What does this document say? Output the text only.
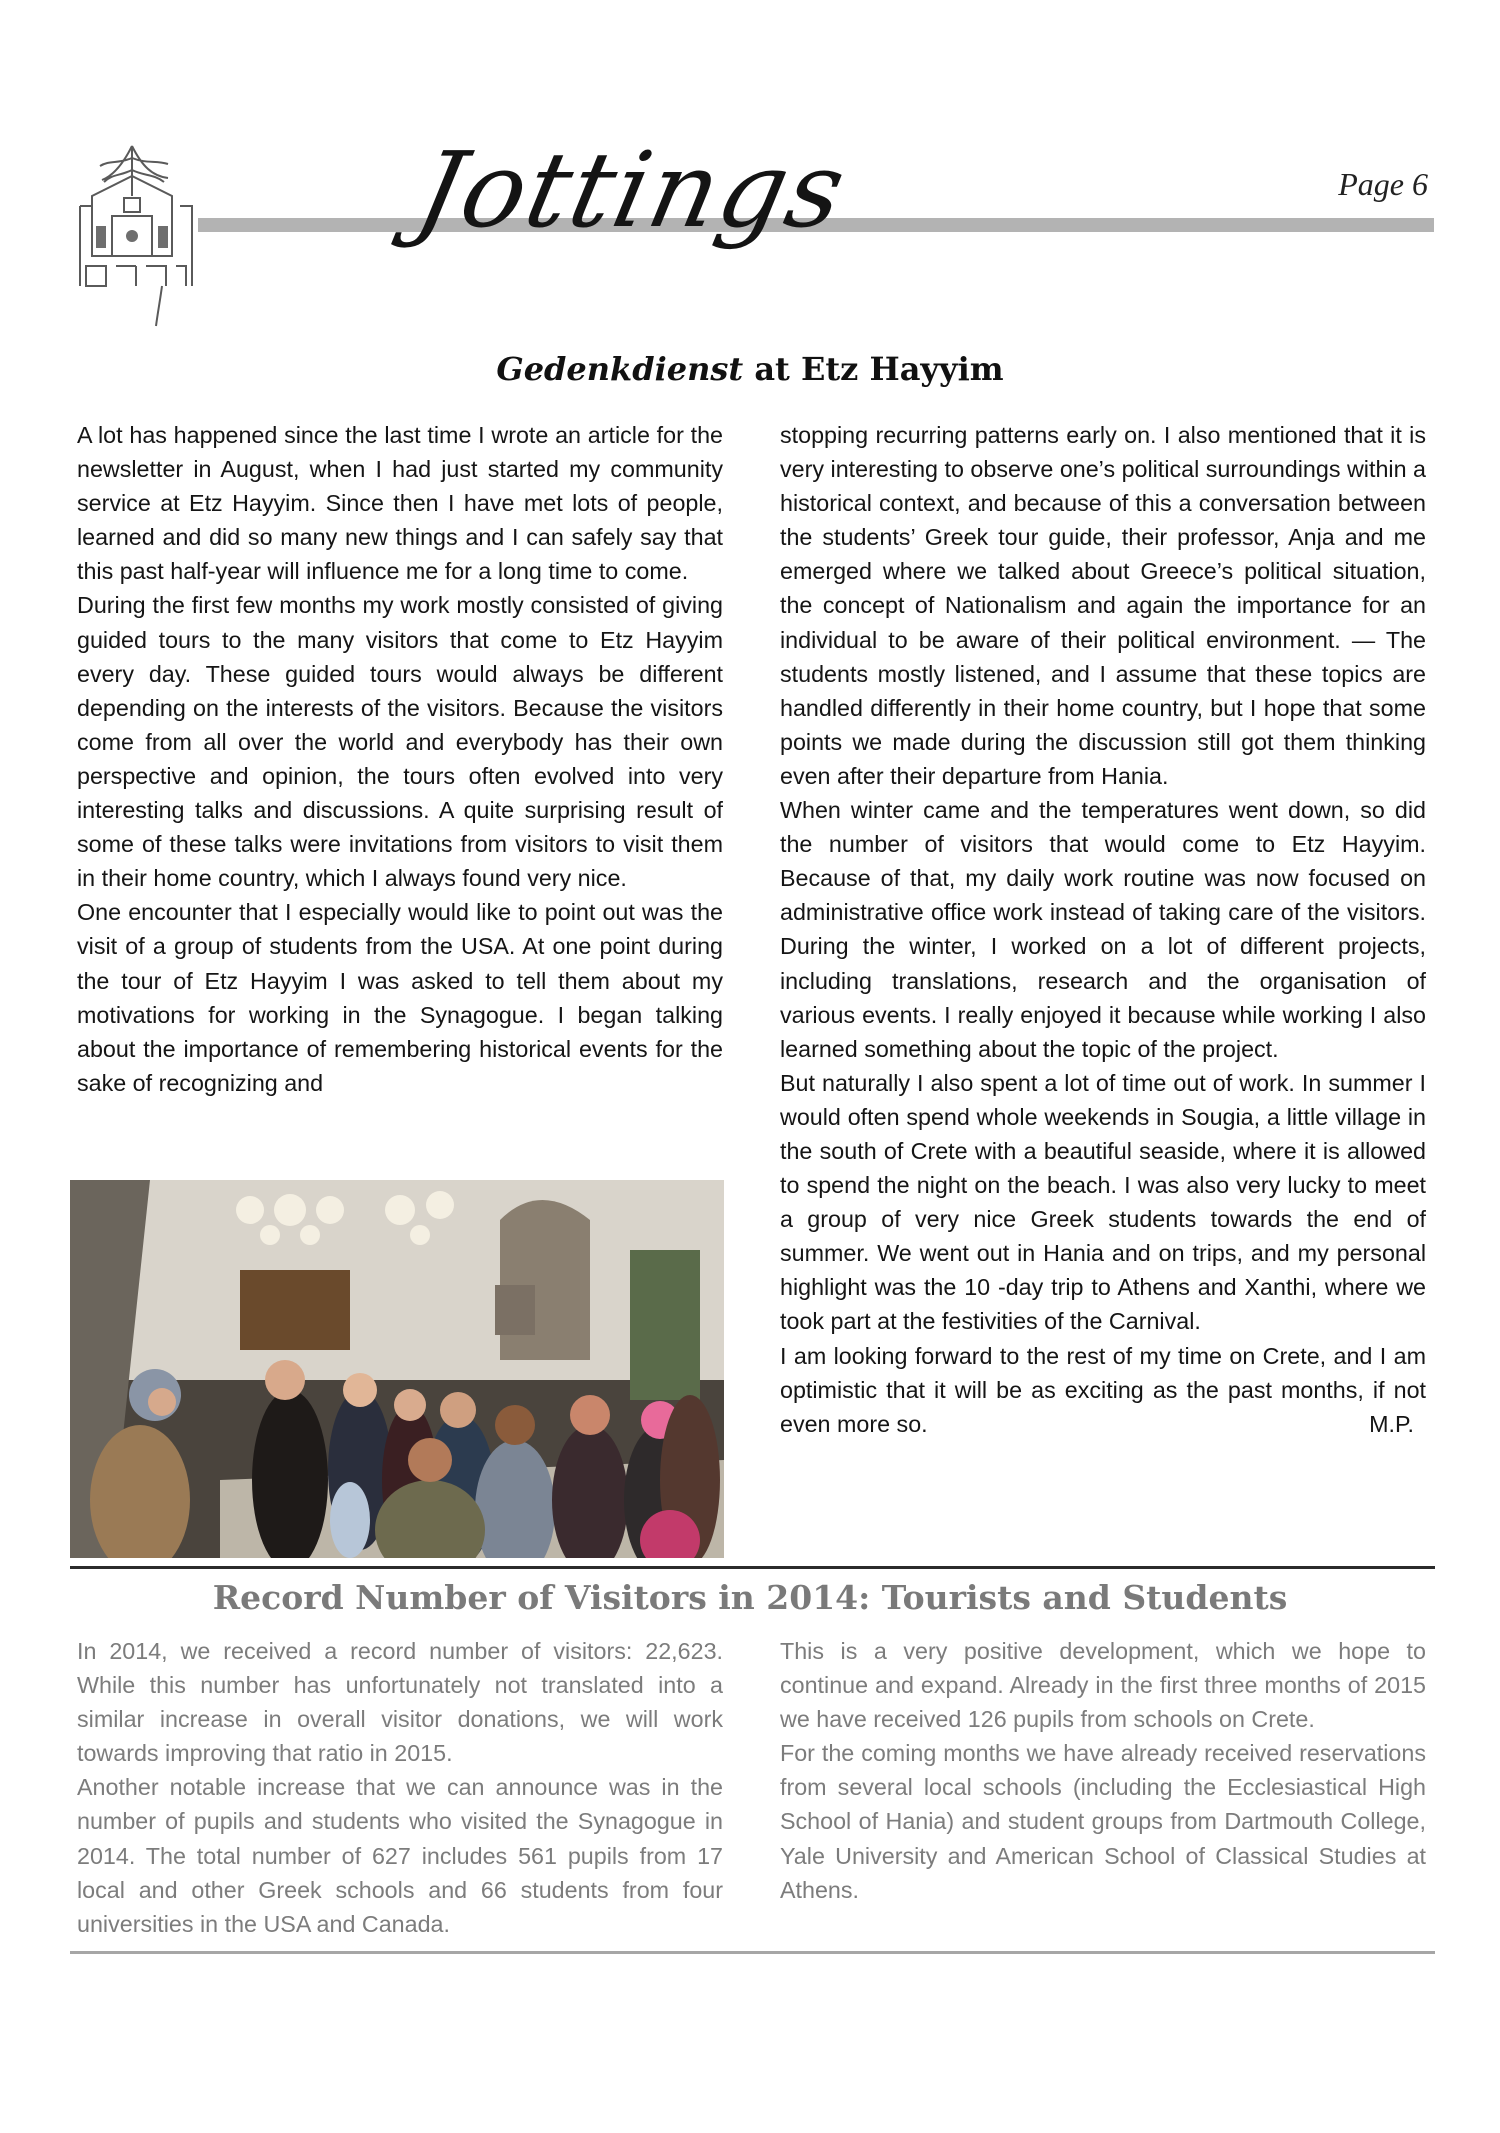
Jottings	Page 6
Gedenkdienst at Etz Hayyim

A lot has happened since the last time I wrote an article for the newsletter in August, when I had just started my community service at Etz Hayyim. Since then I have met lots of people, learned and did so many new things and I can safely say that this past half-year will influence me for a long time to come.

During the first few months my work mostly consisted of giving guided tours to the many visitors that come to Etz Hayyim every day. These guided tours would always be different depending on the interests of the visitors. Because the visitors come from all over the world and everybody has their own perspective and opinion, the tours often evolved into very interesting talks and discussions. A quite surprising result of some of these talks were invitations from visitors to visit them in their home country, which I always found very nice.

One encounter that I especially would like to point out was the visit of a group of students from the USA. At one point during the tour of Etz Hayyim I was asked to tell them about my motivations for working in the Synagogue. I began talking about the importance of remembering historical events for the sake of recognizing and

stopping recurring patterns early on. I also mentioned that it is very interesting to observe one’s political surroundings within a historical context, and because of this a conversation between the students’ Greek tour guide, their professor, Anja and me emerged where we talked about Greece’s political situation, the concept of Nationalism and again the importance for an individual to be aware of their political environment. — The students mostly listened, and I assume that these topics are handled differently in their home country, but I hope that some points we made during the discussion still got them thinking even after their departure from Hania.

When winter came and the temperatures went down, so did the number of visitors that would come to Etz Hayyim. Because of that, my daily work routine was now focused on administrative office work instead of taking care of the visitors. During the winter, I worked on a lot of different projects, including translations, research and the organisation of various events. I really enjoyed it because while working I also learned something about the topic of the project.

But naturally I also spent a lot of time out of work. In summer I would often spend whole weekends in Sougia, a little village in the south of Crete with a beautiful seaside, where it is allowed to spend the night on the beach. I was also very lucky to meet a group of very nice Greek students towards the end of summer. We went out in Hania and on trips, and my personal highlight was the 10 -day trip to Athens and Xanthi, where we took part at the festivities of the Carnival.

I am looking forward to the rest of my time on Crete, and I am optimistic that it will be as exciting as the past months, if not even more so.	M.P.

Record Number of Visitors in 2014: Tourists and Students

In 2014, we received a record number of visitors: 22,623. While this number has unfortunately not translated into a similar increase in overall visitor donations, we will work towards improving that ratio in 2015.

Another notable increase that we can announce was in the number of pupils and students who visited the Synagogue in 2014. The total number of 627 includes 561 pupils from 17 local and other Greek schools and 66 students from four universities in the USA and Canada.

This is a very positive development, which we hope to continue and expand. Already in the first three months of 2015 we have received 126 pupils from schools on Crete.

For the coming months we have already received reservations from several local schools (including the Ecclesiastical High School of Hania) and student groups from Dartmouth College, Yale University and American School of Classical Studies at Athens.
